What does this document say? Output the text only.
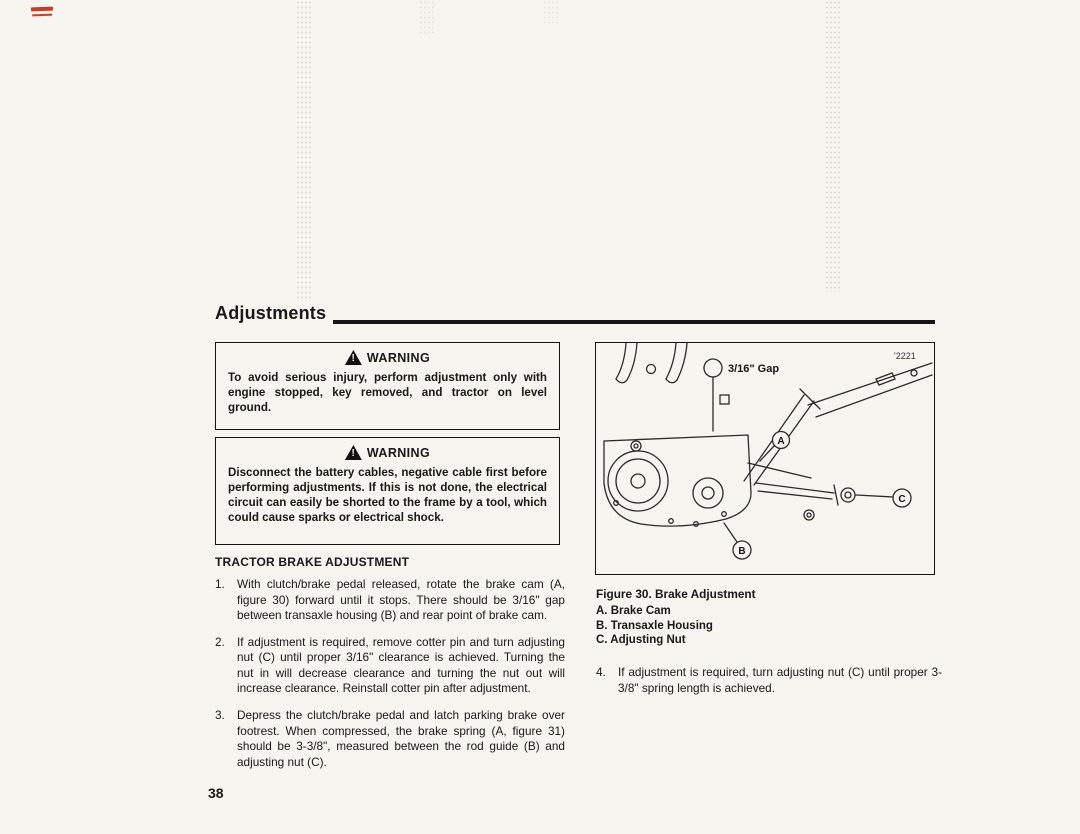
Adjustments
!
WARNING
To avoid serious injury, perform adjustment only with engine stopped, key removed, and tractor on level ground.
!
WARNING
Disconnect the battery cables, negative cable first before performing adjustments. If this is not done, the electrical circuit can easily be shorted to the frame by a tool, which could cause sparks or electrical shock.
TRACTOR BRAKE ADJUSTMENT
1.	With clutch/brake pedal released, rotate the brake cam (A, figure 30) forward until it stops. There should be 3/16" gap between transaxle housing (B) and rear point of brake cam.
2.	If adjustment is required, remove cotter pin and turn adjusting nut (C) until proper 3/16" clearance is achieved. Turning the nut in will decrease clearance and turning the nut out will increase clearance. Reinstall cotter pin after adjustment.
3.	Depress the clutch/brake pedal and latch parking brake over footrest. When compressed, the brake spring (A, figure 31) should be 3-3/8", measured between the rod guide (B) and adjusting nut (C).
38
'2221
3/16" Gap
A
C
B
Figure 30. Brake Adjustment
A. Brake Cam
B. Transaxle Housing
C. Adjusting Nut
4.	If adjustment is required, turn adjusting nut (C) until proper 3-3/8" spring length is achieved.
